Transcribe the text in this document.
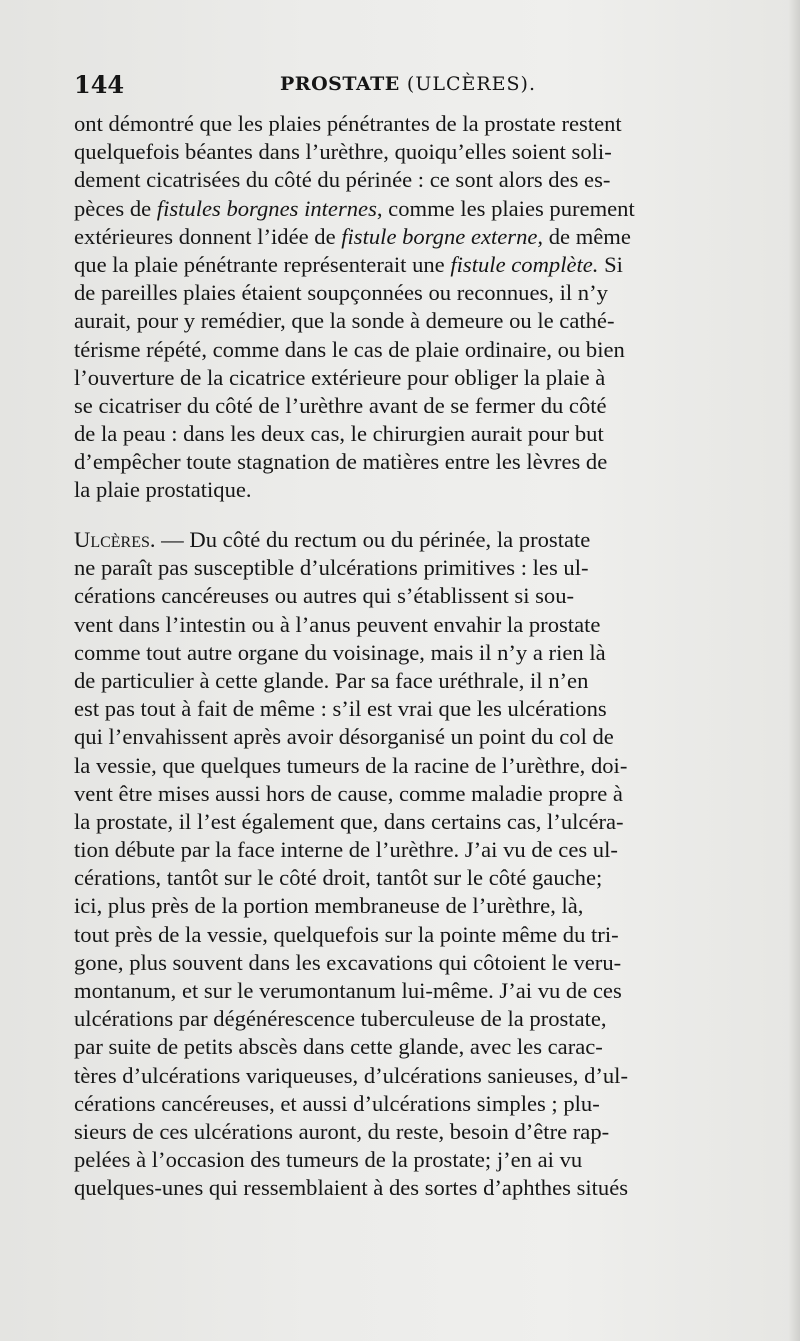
144	PROSTATE (ULCÈRES).
ont démontré que les plaies pénétrantes de la prostate restent
quelquefois béantes dans l’urèthre, quoiqu’elles soient soli-
dement cicatrisées du côté du périnée : ce sont alors des es-
pèces de fistules borgnes internes, comme les plaies purement
extérieures donnent l’idée de fistule borgne externe, de même
que la plaie pénétrante représenterait une fistule complète. Si
de pareilles plaies étaient soupçonnées ou reconnues, il n’y
aurait, pour y remédier, que la sonde à demeure ou le cathé-
térisme répété, comme dans le cas de plaie ordinaire, ou bien
l’ouverture de la cicatrice extérieure pour obliger la plaie à
se cicatriser du côté de l’urèthre avant de se fermer du côté
de la peau : dans les deux cas, le chirurgien aurait pour but
d’empêcher toute stagnation de matières entre les lèvres de
la plaie prostatique.
Ulcères. — Du côté du rectum ou du périnée, la prostate
ne paraît pas susceptible d’ulcérations primitives : les ul-
cérations cancéreuses ou autres qui s’établissent si sou-
vent dans l’intestin ou à l’anus peuvent envahir la prostate
comme tout autre organe du voisinage, mais il n’y a rien là
de particulier à cette glande. Par sa face uréthrale, il n’en
est pas tout à fait de même : s’il est vrai que les ulcérations
qui l’envahissent après avoir désorganisé un point du col de
la vessie, que quelques tumeurs de la racine de l’urèthre, doi-
vent être mises aussi hors de cause, comme maladie propre à
la prostate, il l’est également que, dans certains cas, l’ulcéra-
tion débute par la face interne de l’urèthre. J’ai vu de ces ul-
cérations, tantôt sur le côté droit, tantôt sur le côté gauche;
ici, plus près de la portion membraneuse de l’urèthre, là,
tout près de la vessie, quelquefois sur la pointe même du tri-
gone, plus souvent dans les excavations qui côtoient le veru-
montanum, et sur le verumontanum lui-même. J’ai vu de ces
ulcérations par dégénérescence tuberculeuse de la prostate,
par suite de petits abscès dans cette glande, avec les carac-
tères d’ulcérations variqueuses, d’ulcérations sanieuses, d’ul-
cérations cancéreuses, et aussi d’ulcérations simples ; plu-
sieurs de ces ulcérations auront, du reste, besoin d’être rap-
pelées à l’occasion des tumeurs de la prostate; j’en ai vu
quelques-unes qui ressemblaient à des sortes d’aphthes situés
